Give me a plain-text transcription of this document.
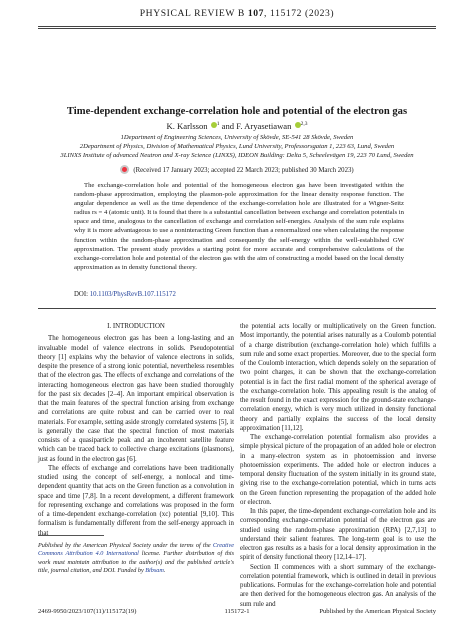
PHYSICAL REVIEW B 107, 115172 (2023)
Time-dependent exchange-correlation hole and potential of the electron gas
K. Karlsson $^1$ and F. Aryasetiawan $^{2,3}$
1Department of Engineering Sciences, University of Skövde, SE-541 28 Skövde, Sweden
2Department of Physics, Division of Mathematical Physics, Lund University, Professorsgatan 1, 223 63, Lund, Sweden
3LINXS Institute of advanced Neutron and X-ray Science (LINXS), IDEON Building: Delta 5, Scheelevägen 19, 223 70 Lund, Sweden
(Received 17 January 2023; accepted 22 March 2023; published 30 March 2023)
The exchange-correlation hole and potential of the homogeneous electron gas have been investigated within the random-phase approximation, employing the plasmon-pole approximation for the linear density response function. The angular dependence as well as the time dependence of the exchange-correlation hole are illustrated for a Wigner-Seitz radius rs = 4 (atomic unit). It is found that there is a substantial cancellation between exchange and correlation potentials in space and time, analogous to the cancellation of exchange and correlation self-energies. Analysis of the sum rule explains why it is more advantageous to use a noninteracting Green function than a renormalized one when calculating the response function within the random-phase approximation and consequently the self-energy within the well-established GW approximation. The present study provides a starting point for more accurate and comprehensive calculations of the exchange-correlation hole and potential of the electron gas with the aim of constructing a model based on the local density approximation as in density functional theory.
DOI: 10.1103/PhysRevB.107.115172

I. INTRODUCTION

The homogeneous electron gas has been a long-lasting and an invaluable model of valence electrons in solids. Pseudopotential theory [1] explains why the behavior of valence electrons in solids, despite the presence of a strong ionic potential, nevertheless resembles that of the electron gas. The effects of exchange and correlations of the interacting homogeneous electron gas have been studied thoroughly for the past six decades [2–4]. An important empirical observation is that the main features of the spectral function arising from exchange and correlations are quite robust and can be carried over to real materials. For example, setting aside strongly correlated systems [5], it is generally the case that the spectral function of most materials consists of a quasiparticle peak and an incoherent satellite feature which can be traced back to collective charge excitations (plasmons), just as found in the electron gas [6].

The effects of exchange and correlations have been traditionally studied using the concept of self-energy, a nonlocal and time-dependent quantity that acts on the Green function as a convolution in space and time [7,8]. In a recent development, a different framework for representing exchange and correlations was proposed in the form of a time-dependent exchange-correlation (xc) potential [9,10]. This formalism is fundamentally different from the self-energy approach in that

the potential acts locally or multiplicatively on the Green function. Most importantly, the potential arises naturally as a Coulomb potential of a charge distribution (exchange-correlation hole) which fulfills a sum rule and some exact properties. Moreover, due to the special form of the Coulomb interaction, which depends solely on the separation of two point charges, it can be shown that the exchange-correlation potential is in fact the first radial moment of the spherical average of the exchange-correlation hole. This appealing result is the analog of the result found in the exact expression for the ground-state exchange-correlation energy, which is very much utilized in density functional theory and partially explains the success of the local density approximation [11,12].

The exchange-correlation potential formalism also provides a simple physical picture of the propagation of an added hole or electron in a many-electron system as in photoemission and inverse photoemission experiments. The added hole or electron induces a temporal density fluctuation of the system initially in its ground state, giving rise to the exchange-correlation potential, which in turns acts on the Green function representing the propagation of the added hole or electron.

In this paper, the time-dependent exchange-correlation hole and its corresponding exchange-correlation potential of the electron gas are studied using the random-phase approximation (RPA) [2,7,13] to understand their salient features. The long-term goal is to use the electron gas results as a basis for a local density approximation in the spirit of density functional theory [12,14–17].

Section II commences with a short summary of the exchange-correlation potential framework, which is outlined in detail in previous publications. Formulas for the exchange-correlation hole and potential are then derived for the homogeneous electron gas. An analysis of the sum rule and

Published by the American Physical Society under the terms of the Creative Commons Attribution 4.0 International license. Further distribution of this work must maintain attribution to the author(s) and the published article's title, journal citation, and DOI. Funded by Bibsam.
2469-9950/2023/107(11)/115172(19)	115172-1	Published by the American Physical Society
